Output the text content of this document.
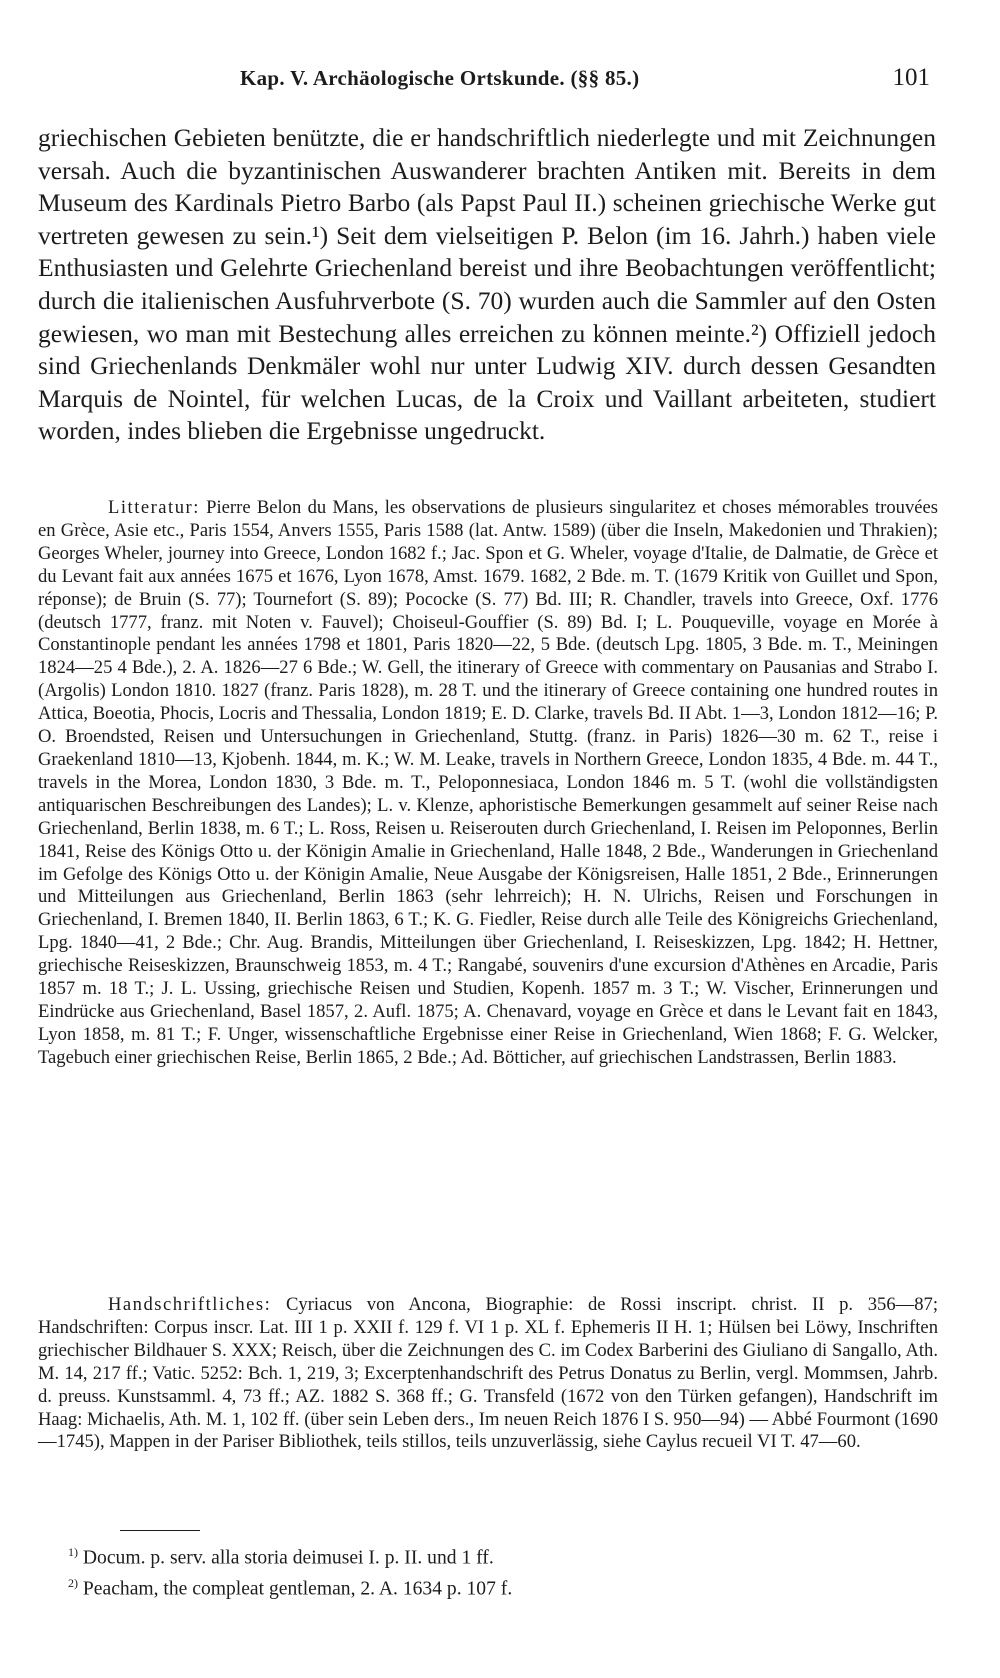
Kap. V. Archäologische Ortskunde. (§§ 85.)	101

griechischen Gebieten benützte, die er handschriftlich niederlegte und mit Zeichnungen versah. Auch die byzantinischen Auswanderer brachten Antiken mit. Bereits in dem Museum des Kardinals Pietro Barbo (als Papst Paul II.) scheinen griechische Werke gut vertreten gewesen zu sein.¹) Seit dem vielseitigen P. Belon (im 16. Jahrh.) haben viele Enthusiasten und Gelehrte Griechenland bereist und ihre Beobachtungen veröffentlicht; durch die italienischen Ausfuhrverbote (S. 70) wurden auch die Sammler auf den Osten gewiesen, wo man mit Bestechung alles erreichen zu können meinte.²) Offiziell jedoch sind Griechenlands Denkmäler wohl nur unter Ludwig XIV. durch dessen Gesandten Marquis de Nointel, für welchen Lucas, de la Croix und Vaillant arbeiteten, studiert worden, indes blieben die Ergebnisse ungedruckt.

Litteratur: Pierre Belon du Mans, les observations de plusieurs singularitez et choses mémorables trouvées en Grèce, Asie etc., Paris 1554, Anvers 1555, Paris 1588 (lat. Antw. 1589) (über die Inseln, Makedonien und Thrakien); Georges Wheler, journey into Greece, London 1682 f.; Jac. Spon et G. Wheler, voyage d'Italie, de Dalmatie, de Grèce et du Levant fait aux années 1675 et 1676, Lyon 1678, Amst. 1679. 1682, 2 Bde. m. T. (1679 Kritik von Guillet und Spon, réponse); de Bruin (S. 77); Tournefort (S. 89); Pococke (S. 77) Bd. III; R. Chandler, travels into Greece, Oxf. 1776 (deutsch 1777, franz. mit Noten v. Fauvel); Choiseul-Gouffier (S. 89) Bd. I; L. Pouqueville, voyage en Morée à Constantinople pendant les années 1798 et 1801, Paris 1820—22, 5 Bde. (deutsch Lpg. 1805, 3 Bde. m. T., Meiningen 1824—25 4 Bde.), 2. A. 1826—27 6 Bde.; W. Gell, the itinerary of Greece with commentary on Pausanias and Strabo I. (Argolis) London 1810. 1827 (franz. Paris 1828), m. 28 T. und the itinerary of Greece containing one hundred routes in Attica, Boeotia, Phocis, Locris and Thessalia, London 1819; E. D. Clarke, travels Bd. II Abt. 1—3, London 1812—16; P. O. Broendsted, Reisen und Untersuchungen in Griechenland, Stuttg. (franz. in Paris) 1826—30 m. 62 T., reise i Graekenland 1810—13, Kjobenh. 1844, m. K.; W. M. Leake, travels in Northern Greece, London 1835, 4 Bde. m. 44 T., travels in the Morea, London 1830, 3 Bde. m. T., Peloponnesiaca, London 1846 m. 5 T. (wohl die vollständigsten antiquarischen Beschreibungen des Landes); L. v. Klenze, aphoristische Bemerkungen gesammelt auf seiner Reise nach Griechenland, Berlin 1838, m. 6 T.; L. Ross, Reisen u. Reiserouten durch Griechenland, I. Reisen im Peloponnes, Berlin 1841, Reise des Königs Otto u. der Königin Amalie in Griechenland, Halle 1848, 2 Bde., Wanderungen in Griechenland im Gefolge des Königs Otto u. der Königin Amalie, Neue Ausgabe der Königsreisen, Halle 1851, 2 Bde., Erinnerungen und Mitteilungen aus Griechenland, Berlin 1863 (sehr lehrreich); H. N. Ulrichs, Reisen und Forschungen in Griechenland, I. Bremen 1840, II. Berlin 1863, 6 T.; K. G. Fiedler, Reise durch alle Teile des Königreichs Griechenland, Lpg. 1840—41, 2 Bde.; Chr. Aug. Brandis, Mitteilungen über Griechenland, I. Reiseskizzen, Lpg. 1842; H. Hettner, griechische Reiseskizzen, Braunschweig 1853, m. 4 T.; Rangabé, souvenirs d'une excursion d'Athènes en Arcadie, Paris 1857 m. 18 T.; J. L. Ussing, griechische Reisen und Studien, Kopenh. 1857 m. 3 T.; W. Vischer, Erinnerungen und Eindrücke aus Griechenland, Basel 1857, 2. Aufl. 1875; A. Chenavard, voyage en Grèce et dans le Levant fait en 1843, Lyon 1858, m. 81 T.; F. Unger, wissenschaftliche Ergebnisse einer Reise in Griechenland, Wien 1868; F. G. Welcker, Tagebuch einer griechischen Reise, Berlin 1865, 2 Bde.; Ad. Bötticher, auf griechischen Landstrassen, Berlin 1883.

Handschriftliches: Cyriacus von Ancona, Biographie: de Rossi inscript. christ. II p. 356—87; Handschriften: Corpus inscr. Lat. III 1 p. XXII f. 129 f. VI 1 p. XL f. Ephemeris II H. 1; Hülsen bei Löwy, Inschriften griechischer Bildhauer S. XXX; Reisch, über die Zeichnungen des C. im Codex Barberini des Giuliano di Sangallo, Ath. M. 14, 217 ff.; Vatic. 5252: Bch. 1, 219, 3; Excerptenhandschrift des Petrus Donatus zu Berlin, vergl. Mommsen, Jahrb. d. preuss. Kunstsamml. 4, 73 ff.; AZ. 1882 S. 368 ff.; G. Transfeld (1672 von den Türken gefangen), Handschrift im Haag: Michaelis, Ath. M. 1, 102 ff. (über sein Leben ders., Im neuen Reich 1876 I S. 950—94) — Abbé Fourmont (1690—1745), Mappen in der Pariser Bibliothek, teils stillos, teils unzuverlässig, siehe Caylus recueil VI T. 47—60.

$^{1)}$ Docum. p. serv. alla storia deimusei I. p. II. und 1 ff.
$^{2)}$ Peacham, the compleat gentleman, 2. A. 1634 p. 107 f.
